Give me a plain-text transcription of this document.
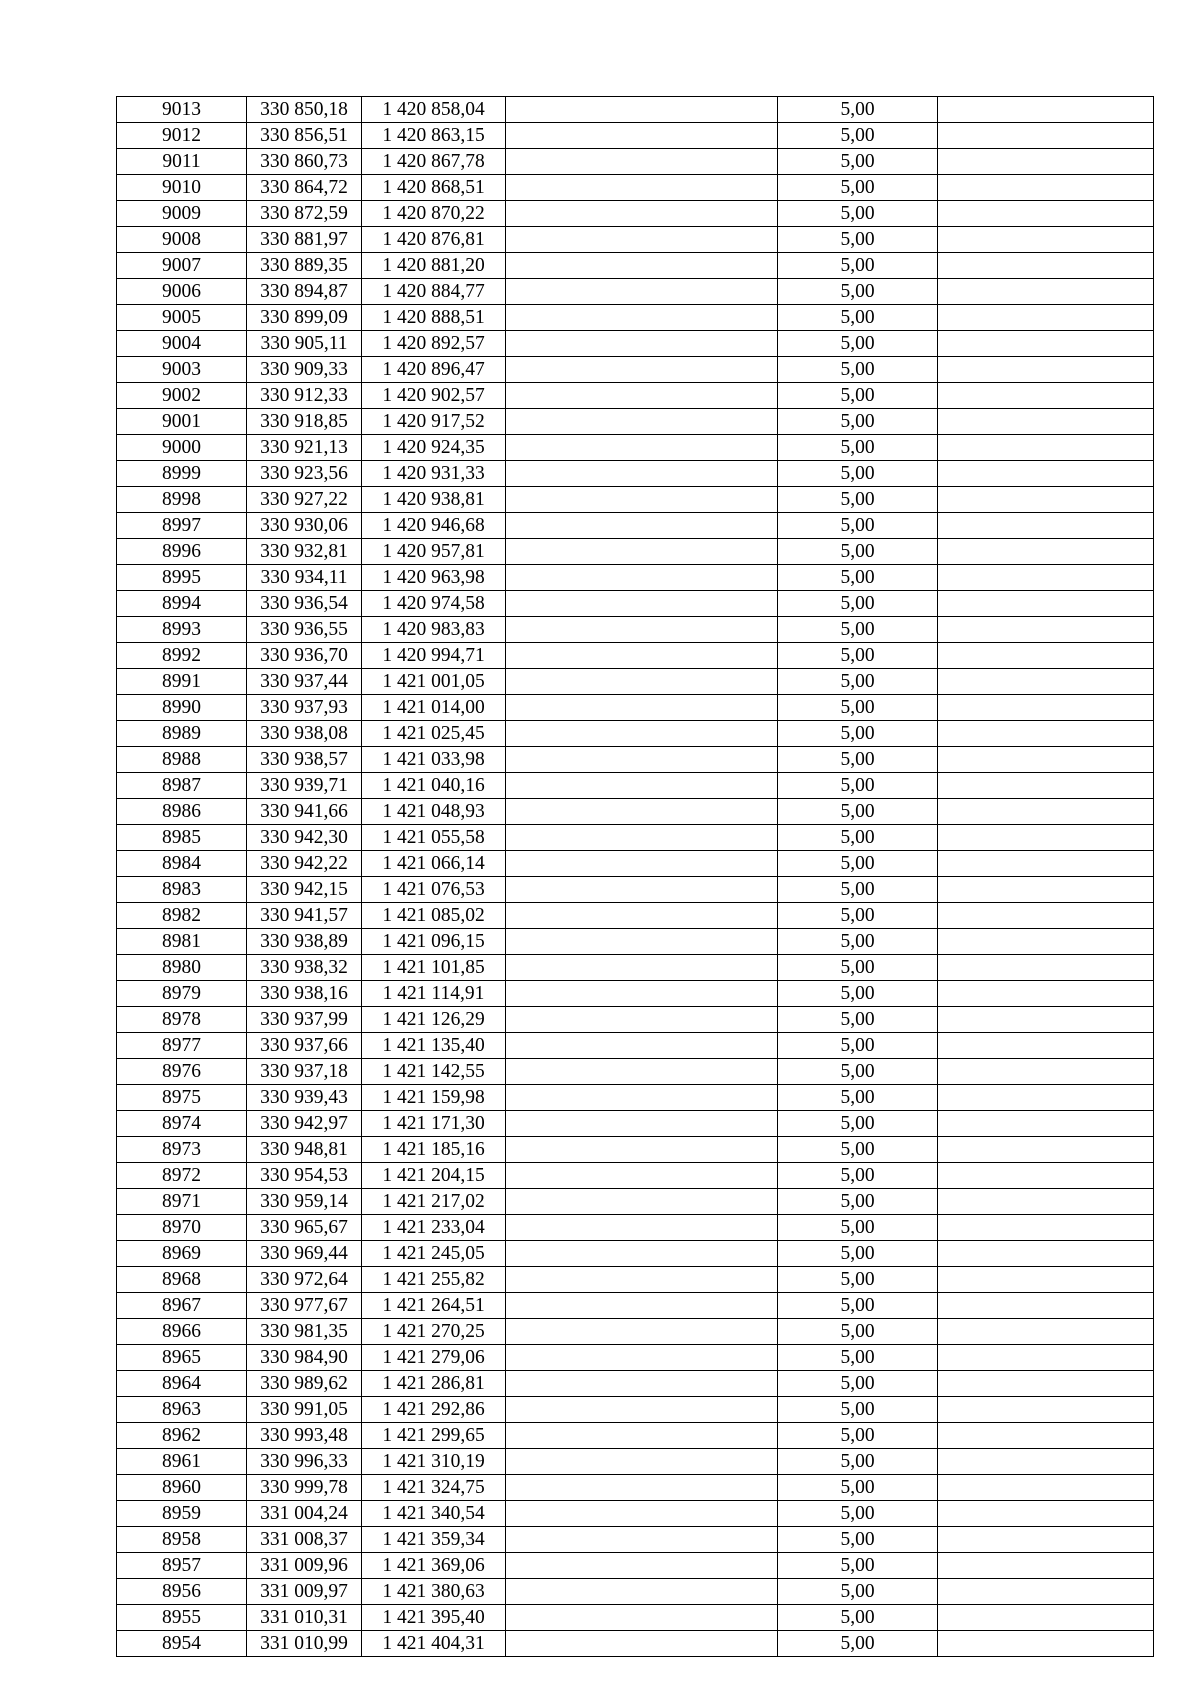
9013	330 850,18	1 420 858,04		5,00	
9012	330 856,51	1 420 863,15		5,00	
9011	330 860,73	1 420 867,78		5,00	
9010	330 864,72	1 420 868,51		5,00	
9009	330 872,59	1 420 870,22		5,00	
9008	330 881,97	1 420 876,81		5,00	
9007	330 889,35	1 420 881,20		5,00	
9006	330 894,87	1 420 884,77		5,00	
9005	330 899,09	1 420 888,51		5,00	
9004	330 905,11	1 420 892,57		5,00	
9003	330 909,33	1 420 896,47		5,00	
9002	330 912,33	1 420 902,57		5,00	
9001	330 918,85	1 420 917,52		5,00	
9000	330 921,13	1 420 924,35		5,00	
8999	330 923,56	1 420 931,33		5,00	
8998	330 927,22	1 420 938,81		5,00	
8997	330 930,06	1 420 946,68		5,00	
8996	330 932,81	1 420 957,81		5,00	
8995	330 934,11	1 420 963,98		5,00	
8994	330 936,54	1 420 974,58		5,00	
8993	330 936,55	1 420 983,83		5,00	
8992	330 936,70	1 420 994,71		5,00	
8991	330 937,44	1 421 001,05		5,00	
8990	330 937,93	1 421 014,00		5,00	
8989	330 938,08	1 421 025,45		5,00	
8988	330 938,57	1 421 033,98		5,00	
8987	330 939,71	1 421 040,16		5,00	
8986	330 941,66	1 421 048,93		5,00	
8985	330 942,30	1 421 055,58		5,00	
8984	330 942,22	1 421 066,14		5,00	
8983	330 942,15	1 421 076,53		5,00	
8982	330 941,57	1 421 085,02		5,00	
8981	330 938,89	1 421 096,15		5,00	
8980	330 938,32	1 421 101,85		5,00	
8979	330 938,16	1 421 114,91		5,00	
8978	330 937,99	1 421 126,29		5,00	
8977	330 937,66	1 421 135,40		5,00	
8976	330 937,18	1 421 142,55		5,00	
8975	330 939,43	1 421 159,98		5,00	
8974	330 942,97	1 421 171,30		5,00	
8973	330 948,81	1 421 185,16		5,00	
8972	330 954,53	1 421 204,15		5,00	
8971	330 959,14	1 421 217,02		5,00	
8970	330 965,67	1 421 233,04		5,00	
8969	330 969,44	1 421 245,05		5,00	
8968	330 972,64	1 421 255,82		5,00	
8967	330 977,67	1 421 264,51		5,00	
8966	330 981,35	1 421 270,25		5,00	
8965	330 984,90	1 421 279,06		5,00	
8964	330 989,62	1 421 286,81		5,00	
8963	330 991,05	1 421 292,86		5,00	
8962	330 993,48	1 421 299,65		5,00	
8961	330 996,33	1 421 310,19		5,00	
8960	330 999,78	1 421 324,75		5,00	
8959	331 004,24	1 421 340,54		5,00	
8958	331 008,37	1 421 359,34		5,00	
8957	331 009,96	1 421 369,06		5,00	
8956	331 009,97	1 421 380,63		5,00	
8955	331 010,31	1 421 395,40		5,00	
8954	331 010,99	1 421 404,31		5,00	
